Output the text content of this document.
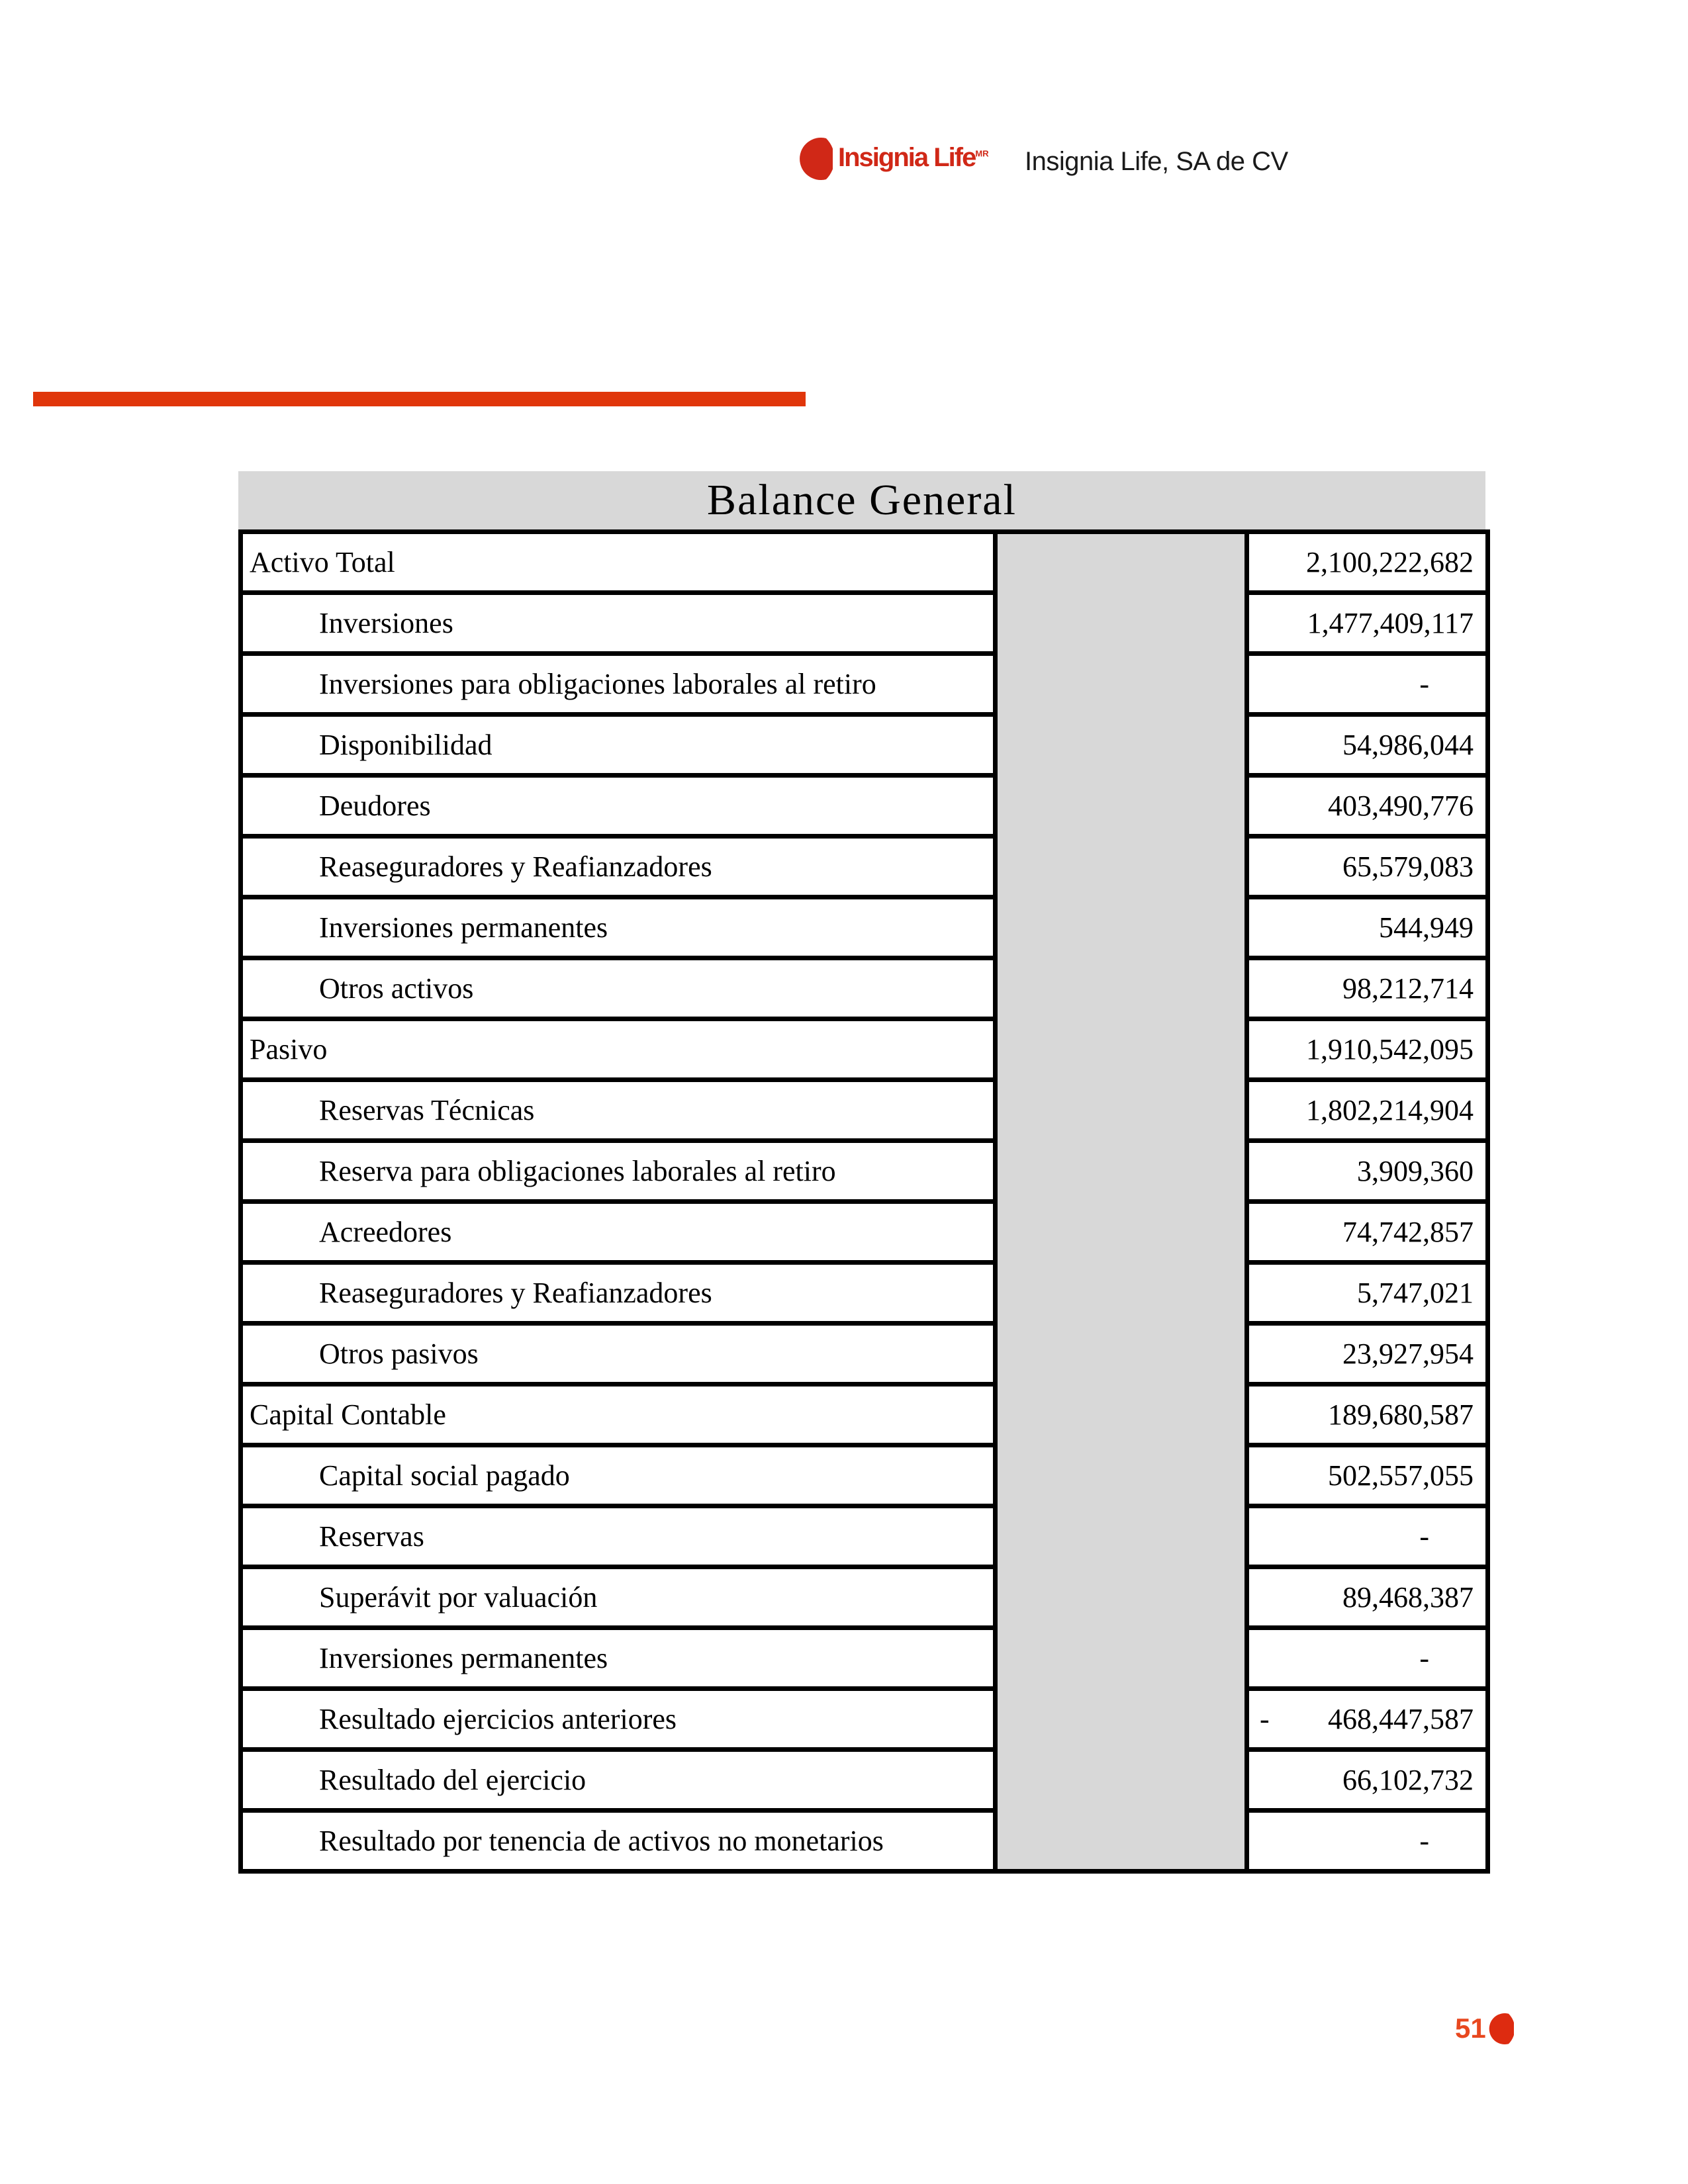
Insignia Life$^{MR}$ Insignia Life, SA de CV
Balance General
Activo Total		2,100,222,682
Inversiones		1,477,409,117
Inversiones para obligaciones laborales al retiro		-
Disponibilidad		54,986,044
Deudores		403,490,776
Reaseguradores y Reafianzadores		65,579,083
Inversiones permanentes		544,949
Otros activos		98,212,714
Pasivo		1,910,542,095
Reservas Técnicas		1,802,214,904
Reserva para obligaciones laborales al retiro		3,909,360
Acreedores		74,742,857
Reaseguradores y Reafianzadores		5,747,021
Otros pasivos		23,927,954
Capital Contable		189,680,587
Capital social pagado		502,557,055
Reservas		-
Superávit por valuación		89,468,387
Inversiones permanentes		-
Resultado ejercicios anteriores		- 468,447,587

Resultado del ejercicio		66,102,732
Resultado por tenencia de activos no monetarios		-
51
